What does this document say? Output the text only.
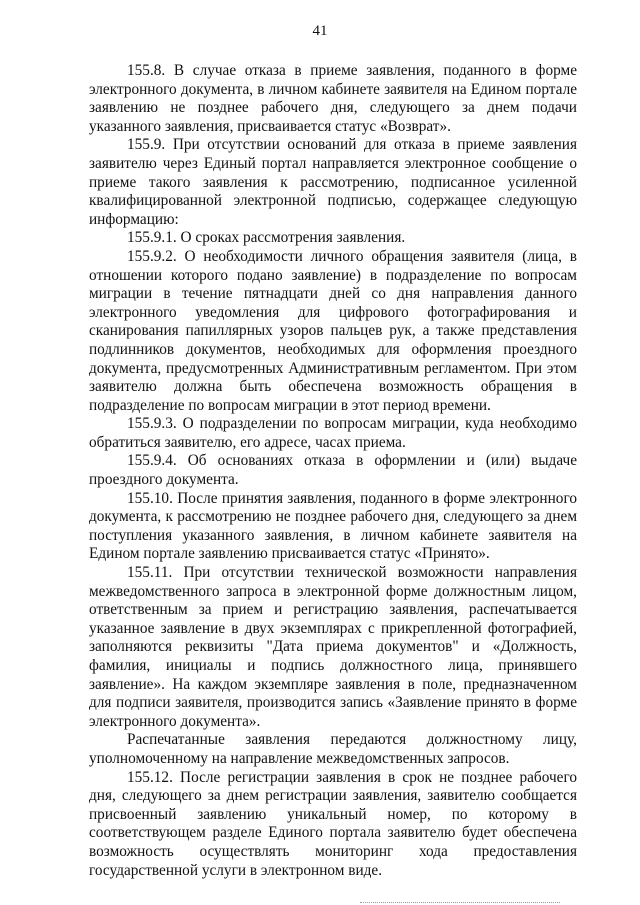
41

155.8. В случае отказа в приеме заявления, поданного в форме электронного документа, в личном кабинете заявителя на Едином портале заявлению не позднее рабочего дня, следующего за днем подачи указанного заявления, присваивается статус «Возврат».

155.9. При отсутствии оснований для отказа в приеме заявления заявителю через Единый портал направляется электронное сообщение о приеме такого заявления к рассмотрению, подписанное усиленной квалифицированной электронной подписью, содержащее следующую информацию:

155.9.1. О сроках рассмотрения заявления.

155.9.2. О необходимости личного обращения заявителя (лица, в отношении которого подано заявление) в подразделение по вопросам миграции в течение пятнадцати дней со дня направления данного электронного уведомления для цифрового фотографирования и сканирования папиллярных узоров пальцев рук, а также представления подлинников документов, необходимых для оформления проездного документа, предусмотренных Административным регламентом. При этом заявителю должна быть обеспечена возможность обращения в подразделение по вопросам миграции в этот период времени.

155.9.3. О подразделении по вопросам миграции, куда необходимо обратиться заявителю, его адресе, часах приема.

155.9.4. Об основаниях отказа в оформлении и (или) выдаче проездного документа.

155.10. После принятия заявления, поданного в форме электронного документа, к рассмотрению не позднее рабочего дня, следующего за днем поступления указанного заявления, в личном кабинете заявителя на Едином портале заявлению присваивается статус «Принято».

155.11. При отсутствии технической возможности направления межведомственного запроса в электронной форме должностным лицом, ответственным за прием и регистрацию заявления, распечатывается указанное заявление в двух экземплярах с прикрепленной фотографией, заполняются реквизиты "Дата приема документов" и «Должность, фамилия, инициалы и подпись должностного лица, принявшего заявление». На каждом экземпляре заявления в поле, предназначенном для подписи заявителя, производится запись «Заявление принято в форме электронного документа».

Распечатанные заявления передаются должностному лицу, уполномоченному на направление межведомственных запросов.

155.12. После регистрации заявления в срок не позднее рабочего дня, следующего за днем регистрации заявления, заявителю сообщается присвоенный заявлению уникальный номер, по которому в соответствующем разделе Единого портала заявителю будет обеспечена возможность осуществлять мониторинг хода предоставления государственной услуги в электронном виде.
